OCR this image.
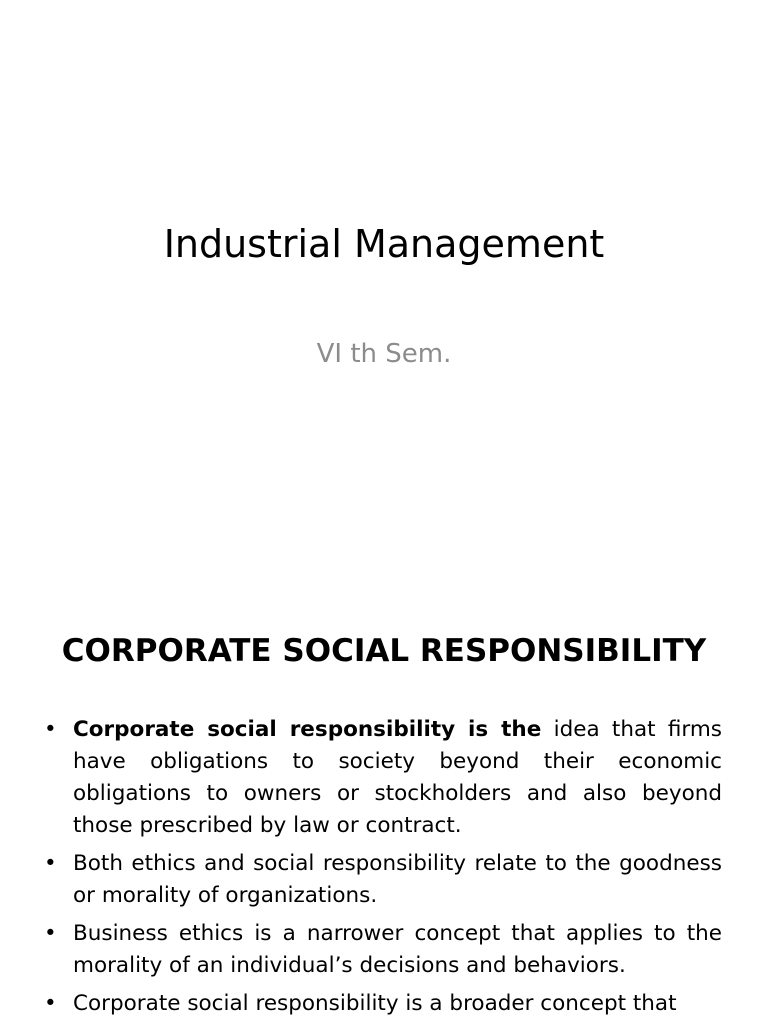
Industrial Management

VI th Sem.

CORPORATE SOCIAL RESPONSIBILITY
• Corporate social responsibility is the idea that firms have obligations to society beyond their economic obligations to owners or stockholders and also beyond those prescribed by law or contract.
• Both ethics and social responsibility relate to the goodness or morality of organizations.
• Business ethics is a narrower concept that applies to the morality of an individual’s decisions and behaviors.
• Corporate social responsibility is a broader concept that
